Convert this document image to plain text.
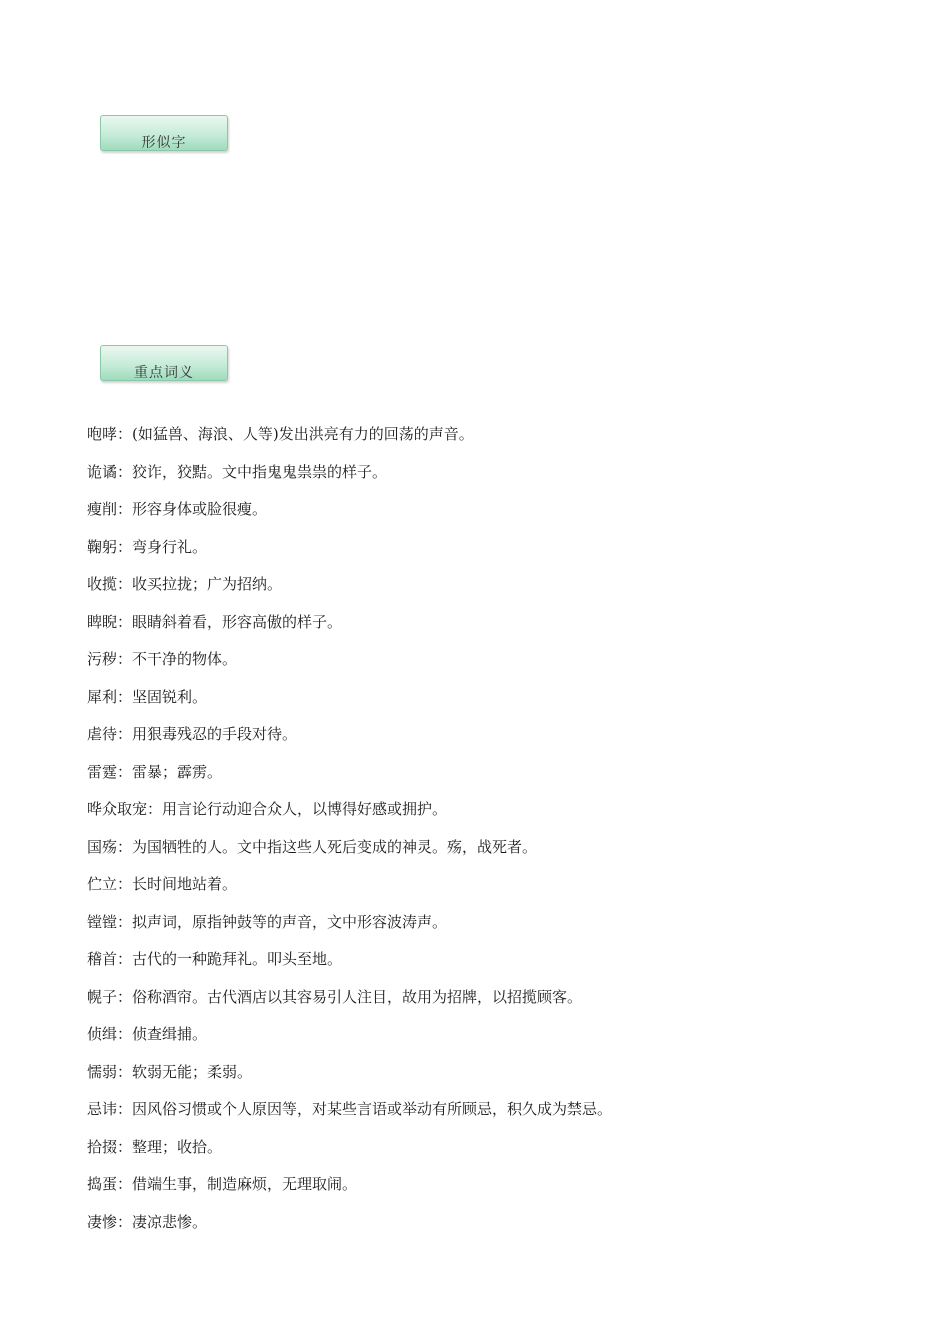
形似字
重点词义
咆哮：(如猛兽、海浪、人等)发出洪亮有力的回荡的声音。
诡谲：狡诈，狡黠。文中指鬼鬼祟祟的样子。
瘦削：形容身体或脸很瘦。
鞠躬：弯身行礼。
收揽：收买拉拢；广为招纳。
睥睨：眼睛斜着看，形容高傲的样子。
污秽：不干净的物体。
犀利：坚固锐利。
虐待：用狠毒残忍的手段对待。
雷霆：雷暴；霹雳。
哗众取宠：用言论行动迎合众人，以博得好感或拥护。
国殇：为国牺牲的人。文中指这些人死后变成的神灵。殇，战死者。
伫立：长时间地站着。
镗镗：拟声词，原指钟鼓等的声音，文中形容波涛声。
稽首：古代的一种跪拜礼。叩头至地。
幌子：俗称酒帘。古代酒店以其容易引人注目，故用为招牌，以招揽顾客。
侦缉：侦查缉捕。
懦弱：软弱无能；柔弱。
忌讳：因风俗习惯或个人原因等，对某些言语或举动有所顾忌，积久成为禁忌。
拾掇：整理；收拾。
捣蛋：借端生事，制造麻烦，无理取闹。
凄惨：凄凉悲惨。
